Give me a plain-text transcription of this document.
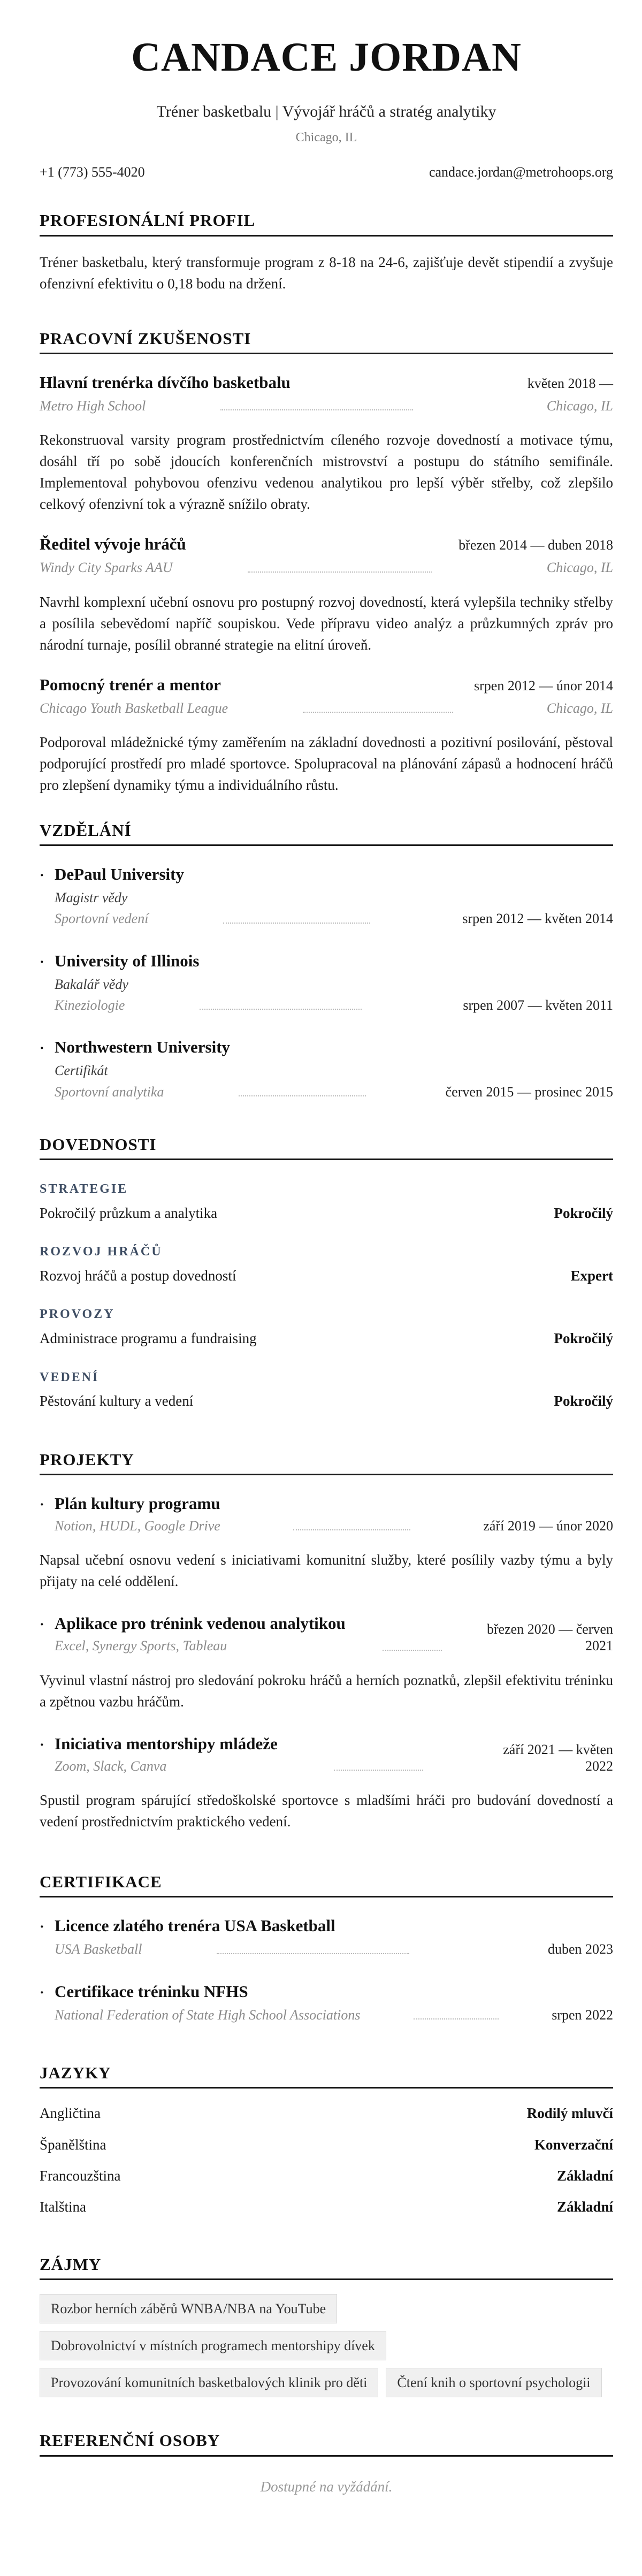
CANDACE JORDAN
Tréner basketbalu | Vývojář hráčů a stratég analytiky
Chicago, IL
+1 (773) 555-4020	candace.jordan@metrohoops.org
PROFESIONÁLNÍ PROFIL

Tréner basketbalu, který transformuje program z 8-18 na 24-6, zajišťuje devět stipendií a zvyšuje ofenzivní efektivitu o 0,18 bodu na držení.

PRACOVNÍ ZKUŠENOSTI
Hlavní trenérka dívčího basketbalu	květen 2018 —
Metro High School	Chicago, IL

Rekonstruoval varsity program prostřednictvím cíleného rozvoje dovedností a motivace týmu, dosáhl tří po sobě jdoucích konferenčních mistrovství a postupu do státního semifinále. Implementoval pohybovou ofenzivu vedenou analytikou pro lepší výběr střelby, což zlepšilo celkový ofenzivní tok a výrazně snížilo obraty.

Ředitel vývoje hráčů	březen 2014 — duben 2018
Windy City Sparks AAU	Chicago, IL

Navrhl komplexní učební osnovu pro postupný rozvoj dovedností, která vylepšila techniky střelby a posílila sebevědomí napříč soupiskou. Vede přípravu video analýz a průzkumných zpráv pro národní turnaje, posílil obranné strategie na elitní úroveň.

Pomocný trenér a mentor	srpen 2012 — únor 2014
Chicago Youth Basketball League	Chicago, IL

Podporoval mládežnické týmy zaměřením na základní dovednosti a pozitivní posilování, pěstoval podporující prostředí pro mladé sportovce. Spolupracoval na plánování zápasů a hodnocení hráčů pro zlepšení dynamiky týmu a individuálního růstu.

VZDĚLÁNÍ
·
DePaul University
Magistr vědy
Sportovní vedení	srpen 2012 — květen 2014
·
University of Illinois
Bakalář vědy
Kineziologie	srpen 2007 — květen 2011
·
Northwestern University
Certifikát
Sportovní analytika	červen 2015 — prosinec 2015
DOVEDNOSTI
STRATEGIE
Pokročilý průzkum a analytika	Pokročilý
ROZVOJ HRÁČŮ
Rozvoj hráčů a postup dovedností	Expert
PROVOZY
Administrace programu a fundraising	Pokročilý
VEDENÍ
Pěstování kultury a vedení	Pokročilý
PROJEKTY
·
Plán kultury programu
Notion, HUDL, Google Drive	září 2019 — únor 2020

Napsal učební osnovu vedení s iniciativami komunitní služby, které posílily vazby týmu a byly přijaty na celé oddělení.

·
Aplikace pro trénink vedenou analytikou
Excel, Synergy Sports, Tableau
březen 2020 — červen 2021

Vyvinul vlastní nástroj pro sledování pokroku hráčů a herních poznatků, zlepšil efektivitu tréninku a zpětnou vazbu hráčům.

·
Iniciativa mentorshipy mládeže
Zoom, Slack, Canva
září 2021 — květen 2022

Spustil program spárující středoškolské sportovce s mladšími hráči pro budování dovedností a vedení prostřednictvím praktického vedení.

CERTIFIKACE
·
Licence zlatého trenéra USA Basketball
USA Basketball	duben 2023
·
Certifikace tréninku NFHS
National Federation of State High School Associations	srpen 2022
JAZYKY
Angličtina	Rodilý mluvčí
Španělština	Konverzační
Francouzština	Základní
Italština	Základní
ZÁJMY
Rozbor herních záběrů WNBA/NBA na YouTube
Dobrovolnictví v místních programech mentorshipy dívek
Provozování komunitních basketbalových klinik pro děti	Čtení knih o sportovní psychologii
REFERENČNÍ OSOBY
Dostupné na vyžádání.
